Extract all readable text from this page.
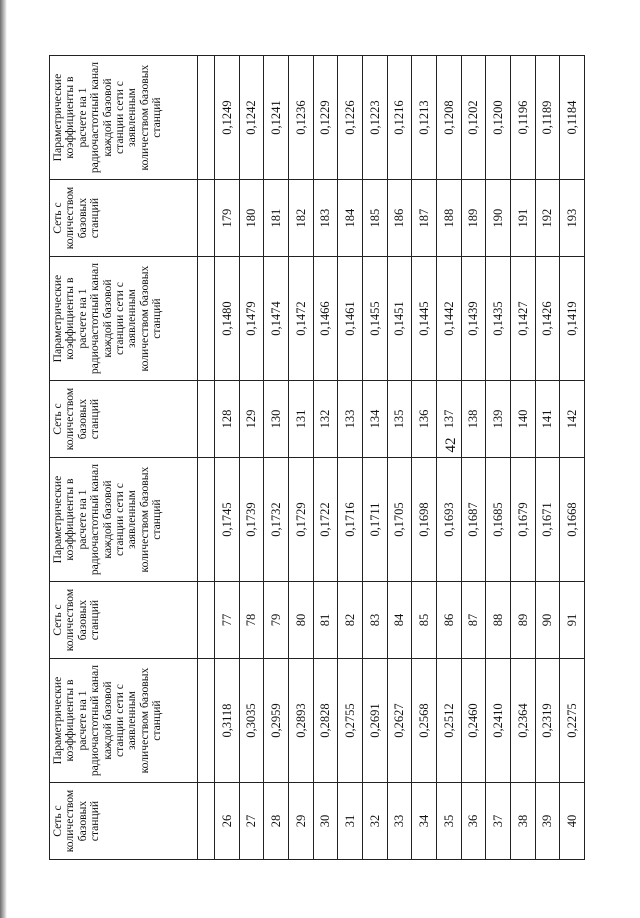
42
Сеть с количеством базовых станций	Параметрические коэффициенты в расчете на 1 радиочастотный канал каждой базовой станции сети с заявленным количеством базовых станций	Сеть с количеством базовых станций	Параметрические коэффициенты в расчете на 1 радиочастотный канал каждой базовой станции сети с заявленным количеством базовых станций	Сеть с количеством базовых станций	Параметрические коэффициенты в расчете на 1 радиочастотный канал каждой базовой станции сети с заявленным количеством базовых станций	Сеть с количеством базовых станций	Параметрические коэффициенты в расчете на 1 радиочастотный канал каждой базовой станции сети с заявленным количеством базовых станций

26	0,3118	77	0,1745	128	0,1480	179	0,1249
27	0,3035	78	0,1739	129	0,1479	180	0,1242
28	0,2959	79	0,1732	130	0,1474	181	0,1241
29	0,2893	80	0,1729	131	0,1472	182	0,1236
30	0,2828	81	0,1722	132	0,1466	183	0,1229
31	0,2755	82	0,1716	133	0,1461	184	0,1226
32	0,2691	83	0,1711	134	0,1455	185	0,1223
33	0,2627	84	0,1705	135	0,1451	186	0,1216
34	0,2568	85	0,1698	136	0,1445	187	0,1213
35	0,2512	86	0,1693	137	0,1442	188	0,1208
36	0,2460	87	0,1687	138	0,1439	189	0,1202
37	0,2410	88	0,1685	139	0,1435	190	0,1200
38	0,2364	89	0,1679	140	0,1427	191	0,1196
39	0,2319	90	0,1671	141	0,1426	192	0,1189
40	0,2275	91	0,1668	142	0,1419	193	0,1184
